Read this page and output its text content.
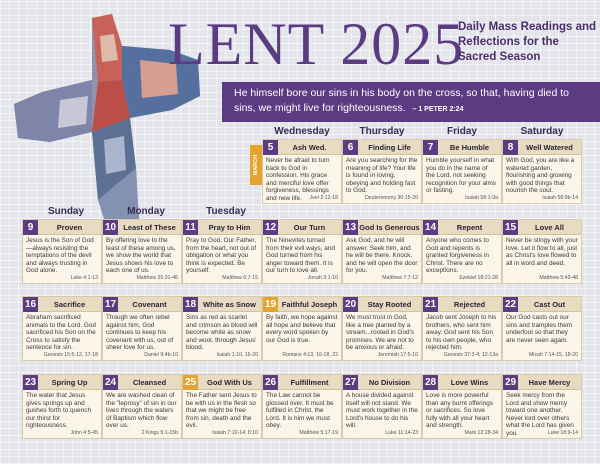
LENT 2025
Daily Mass Readings and Reflections for the Sacred Season
He himself bore our sins in his body on the cross, so that, having died to sins, we might live for righteousness. – 1 PETER 2:24
Wednesday	Thursday	Friday	Saturday
Sunday	Monday	Tuesday
MARCH
5	Ash Wed.
Never be afraid to turn back to God in confession. His grace and merciful love offer forgiveness, blessings and new life.	Joel 2:12-18
6	Finding Life
Are you searching for the meaning of life? Your life is found in loving, obeying and holding fast to God.
Deuteronomy 30:15-20
7	Be Humble
Humble yourself in what you do in the name of the Lord, not seeking recognition for your alms or fasting.
Isaiah 58:1-9a
8	Well Watered
With God, you are like a watered garden, flourishing and growing with good things that nourish the soul.
Isaiah 58:9b-14
9	Proven
Jesus is the Son of God—always resisting the temptations of the devil and always trusting in God alone.
Luke 4:1-13
10 Least of These
By offering love to the least of these among us, we show the world that Jesus shows his love to each one of us.
Matthew 25:31-46
11	Pray to Him
Pray to God, Our Father, from the heart, not out of obligation or what you think is expected. Be yourself.
Matthew 6:7-15
12	Our Turn
The Ninevites turned from their evil ways, and God turned from his anger toward them. It is our turn to love all.
Jonah 3:1-10
13 God Is Generous
Ask God, and he will answer. Seek him, and he will be there. Knock, and he will open the door for you.
Matthew 7:7-12
14	Repent
Anyone who comes to God and repents is granted forgiveness in Christ. There are no exceptions.
Ezekiel 18:21-28
15	Love All
Never be stingy with your love. Let it flow to all, just as Christ's love flowed to all in word and deed.
Matthew 5:43-48
16	Sacrifice
Abraham sacrificed animals to the Lord. God sacrificed his Son on the Cross to satisfy the sentence for sin.
Genesis 15:5-12, 17-18
17	Covenant
Though we often rebel against him, God continues to keep his covenant with us, out of sheer love for us.
Daniel 9:4b-10
18 White as Snow
Sins as red as scarlet and crimson as blood will become white as snow and wool, through Jesus' blood.
Isaiah 1:10, 16-20
19 Faithful Joseph
By faith, we hope against all hope and believe that every word spoken by our God is true.
Romans 4:13, 16-18, 22
20	Stay Rooted
We must trust in God, like a tree planted by a stream...rooted in God's promises. We are not to be anxious or afraid.
Jeremiah 17:5-10
21	Rejected
Jacob sent Joseph to his brothers, who sent him away. God sent his Son to his own people, who rejected him.
Genesis 37:3-4, 12-13a
22	Cast Out
Our God casts out our sins and tramples them underfoot so that they are never seen again.
Micah 7:14-15, 18-20
23	Spring Up
The water that Jesus gives springs up and gushes forth to quench our thirst for righteousness.
John 4:5-45
24	Cleansed
We are washed clean of the "leprosy" of sin in our lives through the waters of Baptism which flow over us.
2 Kings 5:1-15b
25	God With Us
The Father sent Jesus to be with us in the flesh so that we might be free from sin, death and the evil.
Isaiah 7:10-14; 8:10
26	Fulfillment
The Law cannot be glossed over. It must be fulfilled in Christ, the Lord. It is him we must obey.
Matthew 5:17-19
27	No Division
A house divided against itself will not stand. We must work together in the Lord's house to do his will.
Luke 11:14-23
28	Love Wins
Love is more powerful than any burnt offerings or sacrifices. So love fully with all your heart and strength.
Mark 12:28-34
29	Have Mercy
Seek mercy from the Lord and show mercy toward one another. Never lord over others what the Lord has given you.	Luke 18:9-14
